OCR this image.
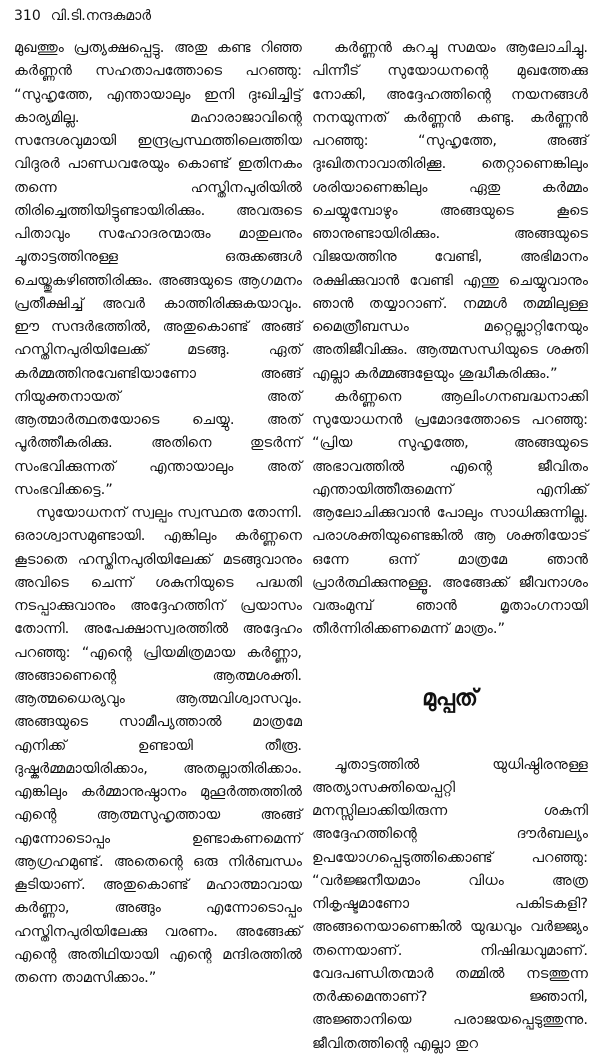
310 വി.ടി.നന്ദകുമാർ

മുഖത്തും പ്രത്യക്ഷപ്പെട്ടു. അതു കണ്ട റിഞ്ഞ കർണ്ണൻ സഹതാപത്തോടെ പറഞ്ഞു: “സുഹൃത്തേ, എന്തായാലും ഇനി ദുഃഖിച്ചിട്ട് കാര്യമില്ല. മഹാരാജാവിന്റെ സന്ദേശവുമായി ഇന്ദ്രപ്രസ്ഥത്തിലെത്തിയ വിദുരർ പാണ്ഡവരേയും കൊണ്ട് ഇതിനകം തന്നെ ഹസ്തിനപുരിയിൽ തിരിച്ചെത്തിയിട്ടുണ്ടായിരിക്കും. അവരുടെ പിതാവും സഹോദരന്മാരും മാതുലനും ചൂതാട്ടത്തിനുള്ള ഒരുക്കങ്ങൾ ചെയ്തുകഴിഞ്ഞിരിക്കും. അങ്ങയുടെ ആഗമനം പ്രതീക്ഷിച്ച് അവർ കാത്തിരിക്കുകയാവും. ഈ സന്ദർഭത്തിൽ, അതുകൊണ്ട് അങ്ങ് ഹസ്തിനപുരിയിലേക്ക് മടങ്ങു. ഏത് കർമ്മത്തിനുവേണ്ടിയാണോ അങ്ങ് നിയുക്തനായത് അത് ആത്മാർത്ഥതയോടെ ചെയ്യു. അത് പൂർത്തീകരിക്കു. അതിനെ തുടർന്ന് സംഭവിക്കുന്നത് എന്തായാലും അത് സംഭവിക്കട്ടെ.”

സുയോധനന് സ്വല്പം സ്വസ്ഥത തോന്നി. ഒരാശ്വാസമുണ്ടായി. എങ്കിലും കർണ്ണനെ കൂടാതെ ഹസ്തിനപുരിയിലേക്ക് മടങ്ങുവാനും അവിടെ ചെന്ന് ശകുനിയുടെ പദ്ധതി നടപ്പാക്കുവാനും അദ്ദേഹത്തിന് പ്രയാസം തോന്നി. അപേക്ഷാസ്വരത്തിൽ അദ്ദേഹം പറഞ്ഞു: “എന്റെ പ്രിയമിത്രമായ കർണ്ണാ, അങ്ങാണെന്റെ ആത്മശക്തി. ആത്മധൈര്യവും ആത്മവിശ്വാസവും. അങ്ങയുടെ സാമീപ്യത്താൽ മാത്രമേ എനിക്ക് ഉണ്ടായി തീരൂ. ദുഷ്കർമ്മമായിരിക്കാം, അതല്ലാതിരിക്കാം. എങ്കിലും കർമ്മാനുഷ്ഠാനം മുഹൂർത്തത്തിൽ എന്റെ ആത്മസുഹൃത്തായ അങ്ങ് എന്നോടൊപ്പം ഉണ്ടാകണമെന്ന് ആഗ്രഹമുണ്ട്. അതെന്റെ ഒരു നിർബന്ധം കൂടിയാണ്. അതുകൊണ്ട് മഹാത്മാവായ കർണ്ണാ, അങ്ങും എന്നോടൊപ്പം ഹസ്തിനപുരിയിലേക്കു വരണം. അങ്ങേക്ക് എന്റെ അതിഥിയായി എന്റെ മന്ദിരത്തിൽ തന്നെ താമസിക്കാം.”

കർണ്ണൻ കുറച്ചു സമയം ആലോചിച്ചു. പിന്നീട് സുയോധനന്റെ മുഖത്തേക്കു നോക്കി, അദ്ദേഹത്തിന്റെ നയനങ്ങൾ നനയുന്നത് കർണ്ണൻ കണ്ടു. കർണ്ണൻ പറഞ്ഞു: “സുഹൃത്തേ, അങ്ങ് ദുഃഖിതനാവാതിരിക്കൂ. തെറ്റാണെങ്കിലും ശരിയാണെങ്കിലും ഏതു കർമ്മം ചെയ്യുമ്പോഴും അങ്ങയുടെ കൂടെ ഞാനുണ്ടായിരിക്കും. അങ്ങയുടെ വിജയത്തിനു വേണ്ടി, അഭിമാനം രക്ഷിക്കുവാൻ വേണ്ടി എന്തു ചെയ്യുവാനും ഞാൻ തയ്യാറാണ്. നമ്മൾ തമ്മിലുള്ള മൈത്രീബന്ധം മറ്റെല്ലാറ്റിനേയും അതിജീവിക്കും. ആത്മസന്ധിയുടെ ശക്തി എല്ലാ കർമ്മങ്ങളേയും ശുദ്ധീകരിക്കും.”

കർണ്ണനെ ആലിംഗനബദ്ധനാക്കി സുയോധനൻ പ്രമോദത്തോടെ പറഞ്ഞു: “പ്രിയ സുഹൃത്തേ, അങ്ങയുടെ അഭാവത്തിൽ എന്റെ ജീവിതം എന്തായിത്തീരുമെന്ന് എനിക്ക് ആലോചിക്കുവാൻ പോലും സാധിക്കുന്നില്ല. പരാശക്തിയുണ്ടെങ്കിൽ ആ ശക്തിയോട് ഒന്നേ ഒന്ന് മാത്രമേ ഞാൻ പ്രാർത്ഥിക്കുന്നുള്ളൂ. അങ്ങേക്ക് ജീവനാശം വരുംമുമ്പ് ഞാൻ മൃതാംഗനായി തീർന്നിരിക്കണമെന്ന് മാത്രം.”

മുപ്പത്

ചൂതാട്ടത്തിൽ യുധിഷ്ഠിരനുള്ള അത്യാസക്തിയെപ്പറ്റി മനസ്സിലാക്കിയിരുന്ന ശകുനി അദ്ദേഹത്തിന്റെ ദൗർബല്യം ഉപയോഗപ്പെടുത്തിക്കൊണ്ട് പറഞ്ഞു: “വർജ്ജനീയമാം വിധം അത്ര നികൃഷ്ടമാണോ പകിടകളി? അങ്ങനെയാണെങ്കിൽ യുദ്ധവും വർജ്ജ്യം തന്നെയാണ്. നിഷിദ്ധവുമാണ്. വേദപണ്ഡിതന്മാർ തമ്മിൽ നടത്തുന്ന തർക്കമെന്താണ്? ജ്ഞാനി, അജ്ഞാനിയെ പരാജയപ്പെടുത്തുന്നു. ജീവിതത്തിന്റെ എല്ലാ തുറ
